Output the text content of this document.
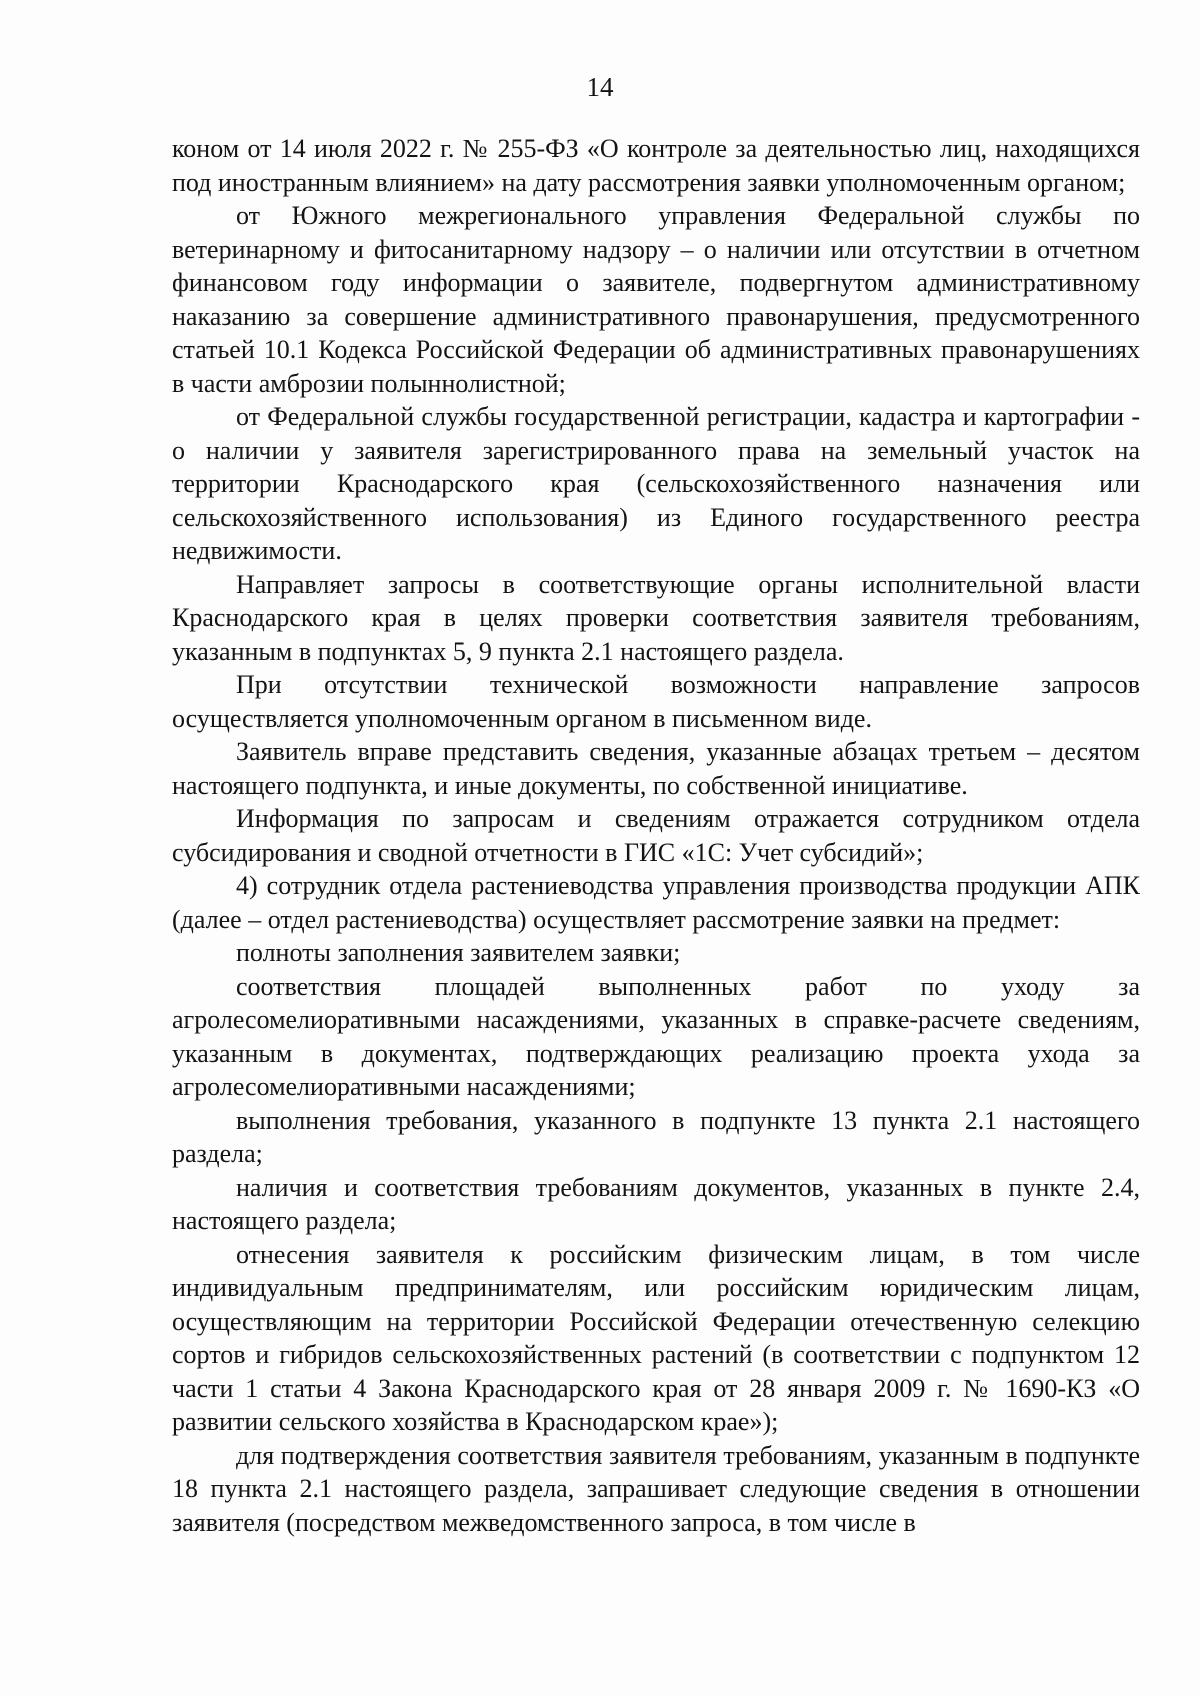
14

коном от 14 июля 2022 г. № 255-ФЗ «О контроле за деятельностью лиц, находящихся под иностранным влиянием» на дату рассмотрения заявки уполномоченным органом;

от Южного межрегионального управления Федеральной службы по ветеринарному и фитосанитарному надзору – о наличии или отсутствии в отчетном финансовом году информации о заявителе, подвергнутом административному наказанию за совершение административного правонарушения, предусмотренного статьей 10.1 Кодекса Российской Федерации об административных правонарушениях в части амброзии полыннолистной;

от Федеральной службы государственной регистрации, кадастра и картографии - о наличии у заявителя зарегистрированного права на земельный участок на территории Краснодарского края (сельскохозяйственного назначения или сельскохозяйственного использования) из Единого государственного реестра недвижимости.

Направляет запросы в соответствующие органы исполнительной власти Краснодарского края в целях проверки соответствия заявителя требованиям, указанным в подпунктах 5, 9 пункта 2.1 настоящего раздела.

При отсутствии технической возможности направление запросов осуществляется уполномоченным органом в письменном виде.

Заявитель вправе представить сведения, указанные абзацах третьем – десятом настоящего подпункта, и иные документы, по собственной инициативе.

Информация по запросам и сведениям отражается сотрудником отдела субсидирования и сводной отчетности в ГИС «1С: Учет субсидий»;

4) сотрудник отдела растениеводства управления производства продукции АПК (далее – отдел растениеводства) осуществляет рассмотрение заявки на предмет:

полноты заполнения заявителем заявки;

соответствия площадей выполненных работ по уходу за агролесомелиоративными насаждениями, указанных в справке-расчете сведениям, указанным в документах, подтверждающих реализацию проекта ухода за агролесомелиоративными насаждениями;

выполнения требования, указанного в подпункте 13 пункта 2.1 настоящего раздела;

наличия и соответствия требованиям документов, указанных в пункте 2.4, настоящего раздела;

отнесения заявителя к российским физическим лицам, в том числе индивидуальным предпринимателям, или российским юридическим лицам, осуществляющим на территории Российской Федерации отечественную селекцию сортов и гибридов сельскохозяйственных растений (в соответствии с подпунктом 12 части 1 статьи 4 Закона Краснодарского края от 28 января 2009 г. № 1690-КЗ «О развитии сельского хозяйства в Краснодарском крае»);

для подтверждения соответствия заявителя требованиям, указанным в подпункте 18 пункта 2.1 настоящего раздела, запрашивает следующие сведения в отношении заявителя (посредством межведомственного запроса, в том числе в
